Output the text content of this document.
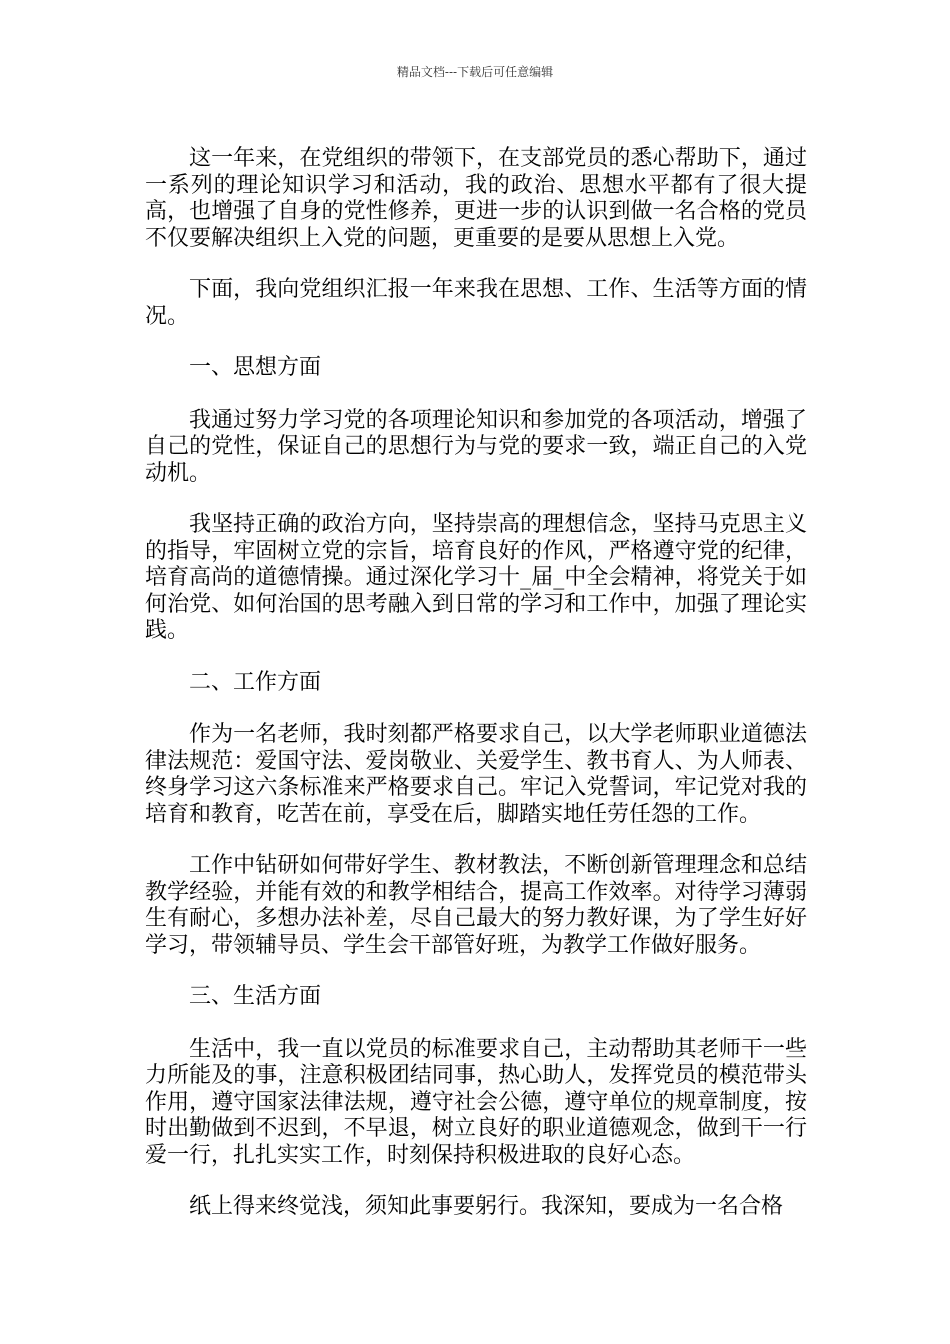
精品文档---下载后可任意编辑

这一年来，在党组织的带领下，在支部党员的悉心帮助下，通过一系列的理论知识学习和活动，我的政治、思想水平都有了很大提高，也增强了自身的党性修养，更进一步的认识到做一名合格的党员不仅要解决组织上入党的问题，更重要的是要从思想上入党。

下面，我向党组织汇报一年来我在思想、工作、生活等方面的情况。

一、思想方面

我通过努力学习党的各项理论知识和参加党的各项活动，增强了自己的党性，保证自己的思想行为与党的要求一致，端正自己的入党动机。

我坚持正确的政治方向，坚持崇高的理想信念，坚持马克思主义的指导，牢固树立党的宗旨，培育良好的作风，严格遵守党的纪律，培育高尚的道德情操。通过深化学习十_届_中全会精神，将党关于如何治党、如何治国的思考融入到日常的学习和工作中，加强了理论实践。

二、工作方面

作为一名老师，我时刻都严格要求自己，以大学老师职业道德法律法规范：爱国守法、爱岗敬业、关爱学生、教书育人、为人师表、终身学习这六条标准来严格要求自己。牢记入党誓词，牢记党对我的培育和教育，吃苦在前，享受在后，脚踏实地任劳任怨的工作。

工作中钻研如何带好学生、教材教法，不断创新管理理念和总结教学经验，并能有效的和教学相结合，提高工作效率。对待学习薄弱生有耐心，多想办法补差，尽自己最大的努力教好课，为了学生好好学习，带领辅导员、学生会干部管好班，为教学工作做好服务。

三、生活方面

生活中，我一直以党员的标准要求自己，主动帮助其老师干一些力所能及的事，注意积极团结同事，热心助人，发挥党员的模范带头作用，遵守国家法律法规，遵守社会公德，遵守单位的规章制度，按时出勤做到不迟到，不早退，树立良好的职业道德观念，做到干一行爱一行，扎扎实实工作，时刻保持积极进取的良好心态。

纸上得来终觉浅，须知此事要躬行。我深知，要成为一名合格
